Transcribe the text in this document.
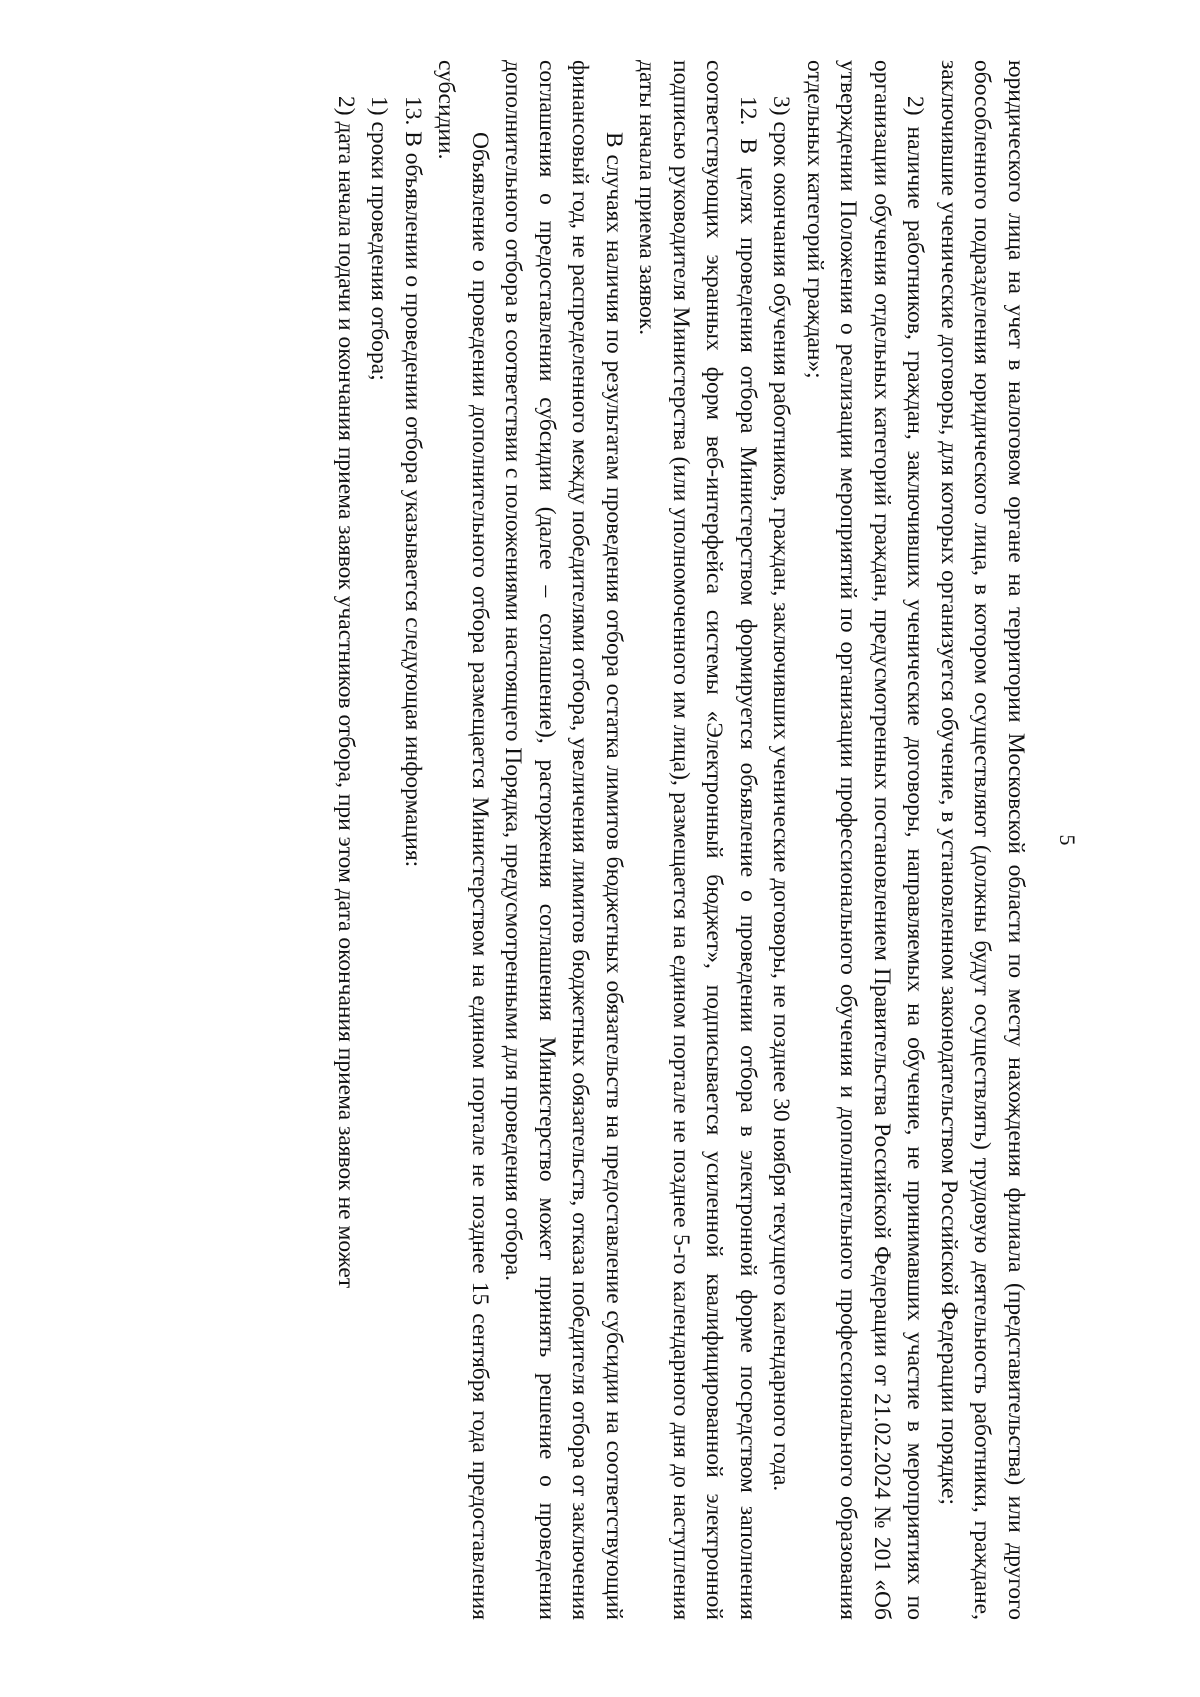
5

юридического лица на учет в налоговом органе на территории Московской области по месту нахождения филиала (представительства) или другого обособленного подразделения юридического лица, в котором осуществляют (должны будут осуществлять) трудовую деятельность работники, граждане, заключившие ученические договоры, для которых организуется обучение, в установленном законодательством Российской Федерации порядке;

2) наличие работников, граждан, заключивших ученические договоры, направляемых на обучение, не принимавших участие в мероприятиях по организации обучения отдельных категорий граждан, предусмотренных постановлением Правительства Российской Федерации от 21.02.2024 № 201 «Об утверждении Положения о реализации мероприятий по организации профессионального обучения и дополнительного профессионального образования отдельных категорий граждан»;

3) срок окончания обучения работников, граждан, заключивших ученические договоры, не позднее 30 ноября текущего календарного года.

12. В целях проведения отбора Министерством формируется объявление о проведении отбора в электронной форме посредством заполнения соответствующих экранных форм веб-интерфейса системы «Электронный бюджет», подписывается усиленной квалифицированной электронной подписью руководителя Министерства (или уполномоченного им лица), размещается на едином портале не позднее 5-го календарного дня до наступления даты начала приема заявок.

В случаях наличия по результатам проведения отбора остатка лимитов бюджетных обязательств на предоставление субсидии на соответствующий финансовый год, не распределенного между победителями отбора, увеличения лимитов бюджетных обязательств, отказа победителя отбора от заключения соглашения о предоставлении субсидии (далее – соглашение), расторжения соглашения Министерство может принять решение о проведении дополнительного отбора в соответствии с положениями настоящего Порядка, предусмотренными для проведения отбора.

Объявление о проведении дополнительного отбора размещается Министерством на едином портале не позднее 15 сентября года предоставления субсидии.

13. В объявлении о проведении отбора указывается следующая информация:

1) сроки проведения отбора;

2) дата начала подачи и окончания приема заявок участников отбора, при этом дата окончания приема заявок не может
